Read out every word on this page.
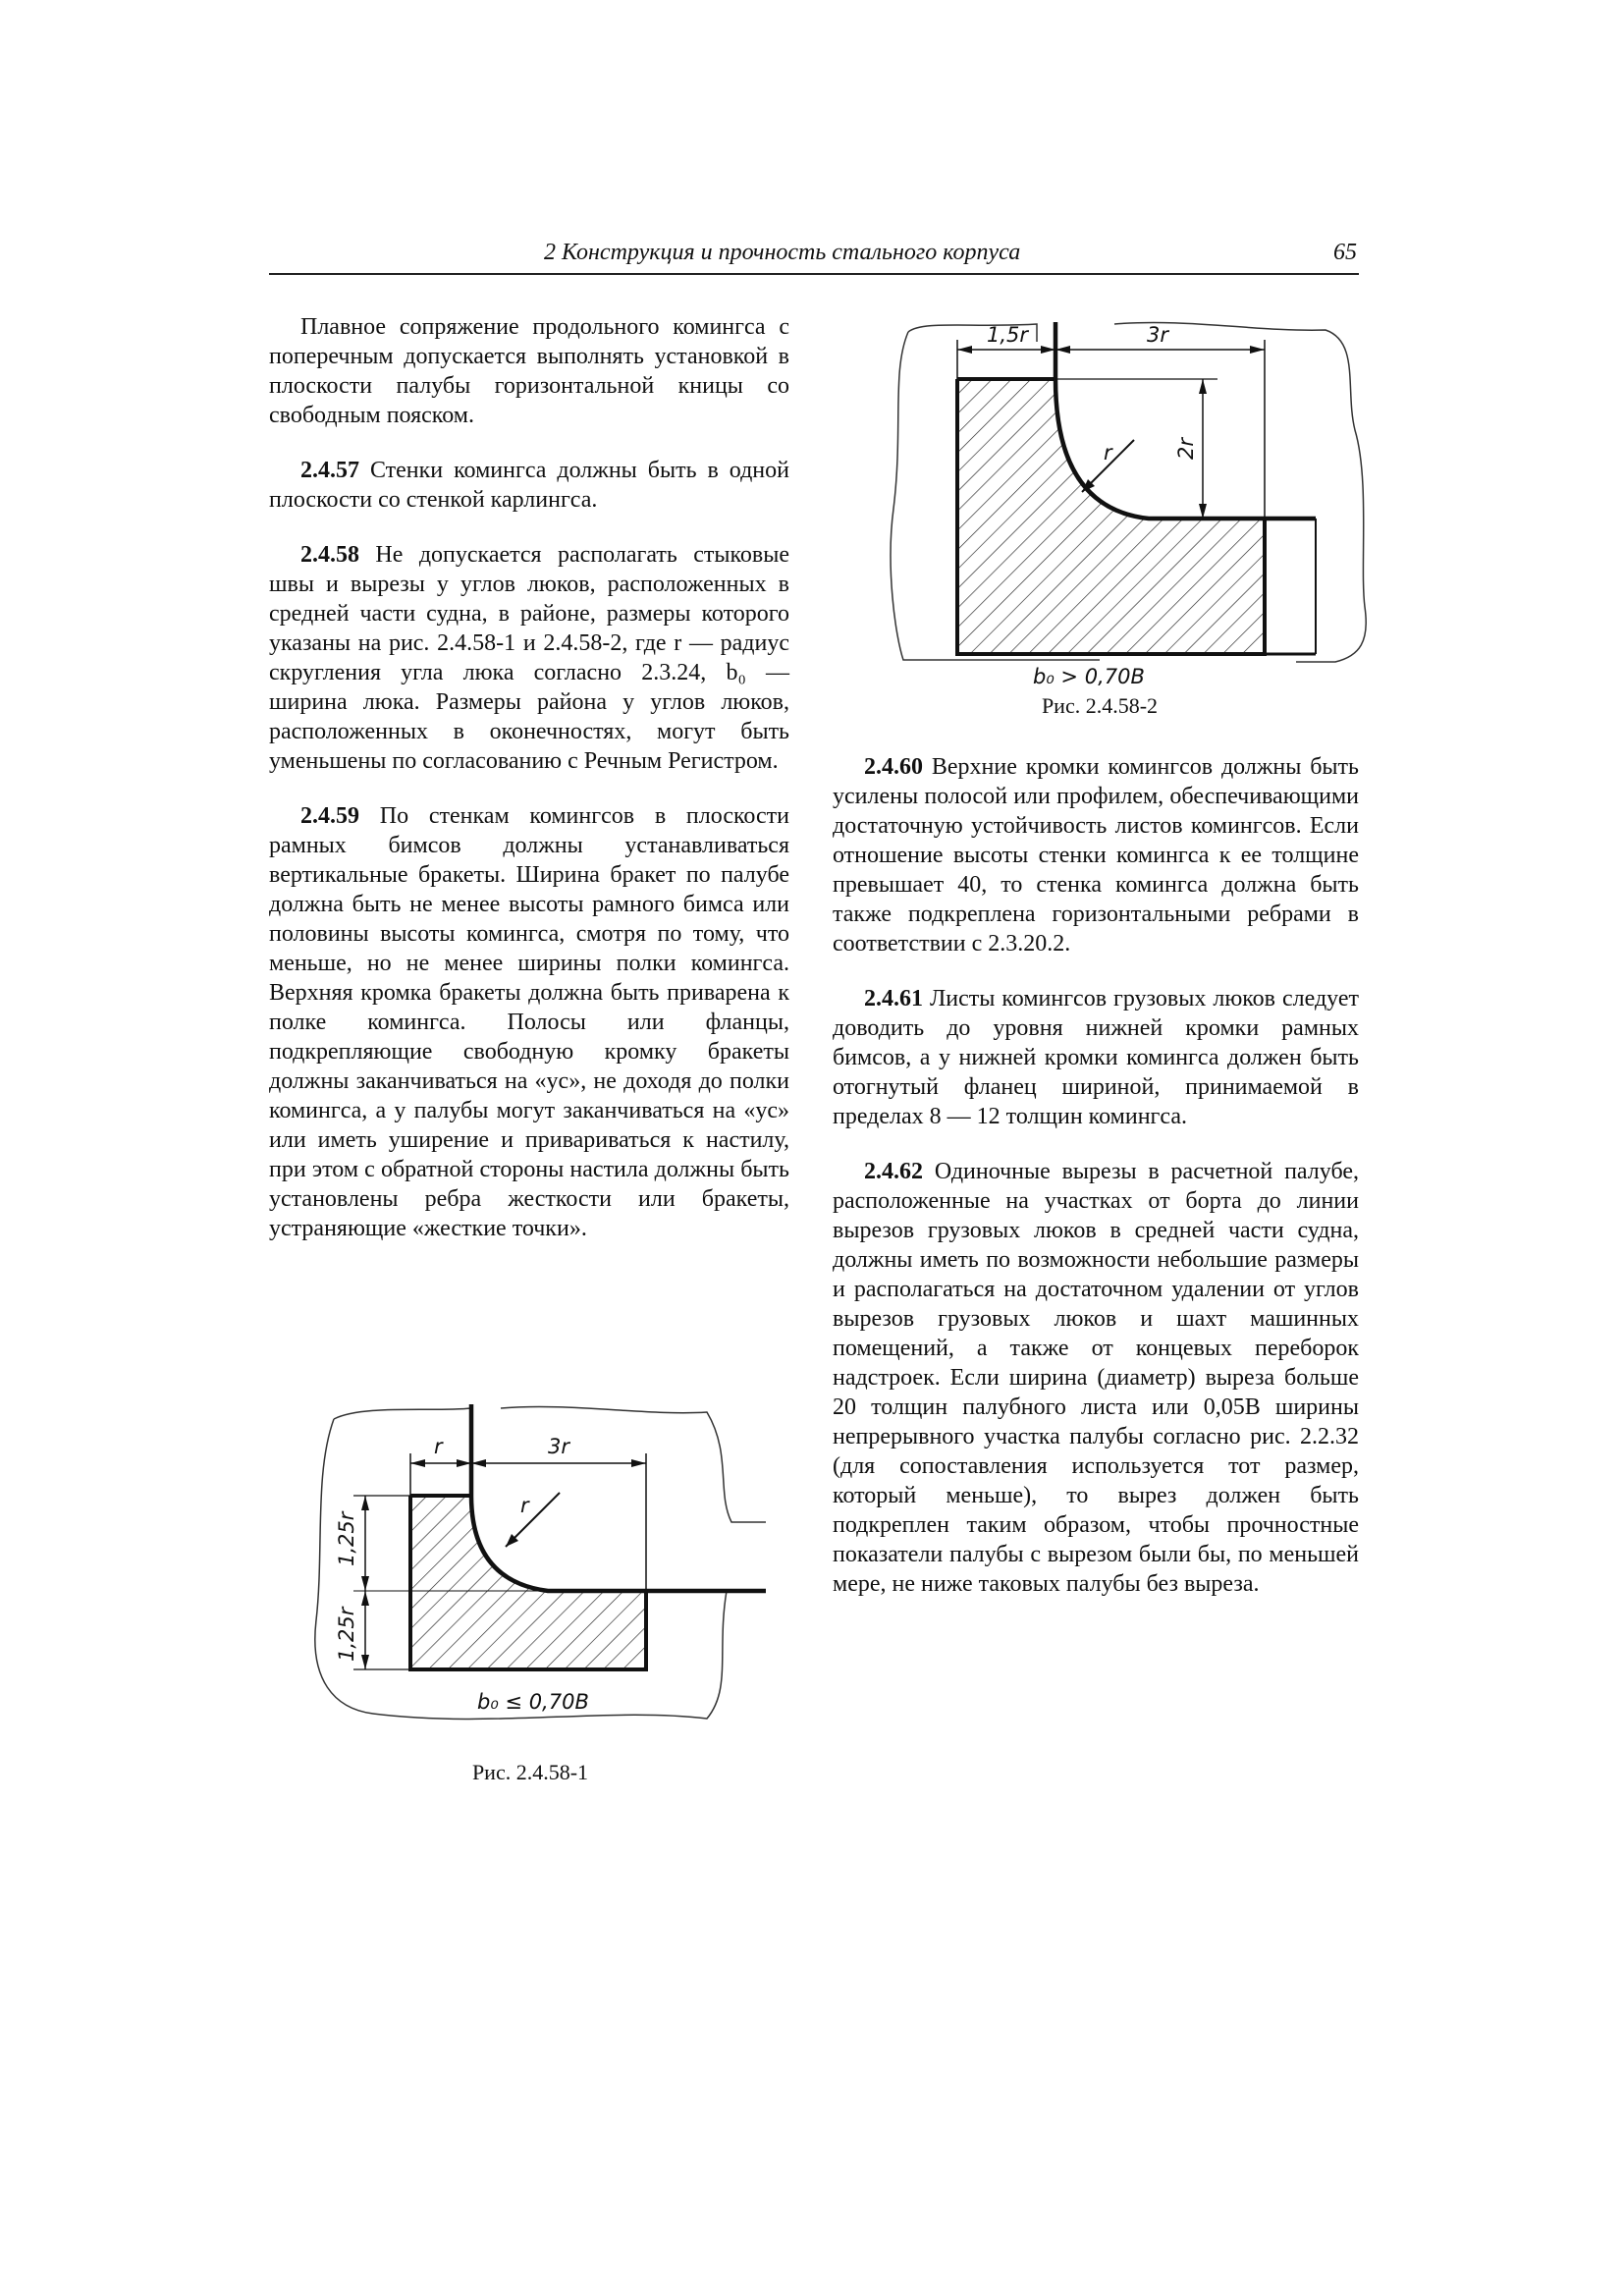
2 Конструкция и прочность стального корпуса	65

Плавное сопряжение продольного комингса с поперечным допускается выполнять установкой в плоскости палубы горизонтальной кницы со свободным пояском.

2.4.57 Стенки комингса должны быть в одной плоскости со стенкой карлингса.

2.4.58 Не допускается располагать стыковые швы и вырезы у углов люков, расположенных в средней части судна, в районе, размеры которого указаны на рис. 2.4.58-1 и 2.4.58-2, где r — радиус скругления угла люка согласно 2.3.24, b₀ — ширина люка. Размеры района у углов люков, расположенных в оконечностях, могут быть уменьшены по согласованию с Речным Регистром.

2.4.59 По стенкам комингсов в плоскости рамных бимсов должны устанавливаться вертикальные бракеты. Ширина бракет по палубе должна быть не менее высоты рамного бимса или половины высоты комингса, смотря по тому, что меньше, но не менее ширины полки комингса. Верхняя кромка бракеты должна быть приварена к полке комингса. Полосы или фланцы, подкрепляющие свободную кромку бракеты должны заканчиваться на «ус», не доходя до полки комингса, а у палубы могут заканчиваться на «ус» или иметь уширение и привариваться к настилу, при этом с обратной стороны настила должны быть установлены ребра жесткости или бракеты, устраняющие «жесткие точки».

2.4.60 Верхние кромки комингсов должны быть усилены полосой или профилем, обеспечивающими достаточную устойчивость листов комингсов. Если отношение высоты стенки комингса к ее толщине превышает 40, то стенка комингса должна быть также подкреплена горизонтальными ребрами в соответствии с 2.3.20.2.

2.4.61 Листы комингсов грузовых люков следует доводить до уровня нижней кромки рамных бимсов, а у нижней кромки комингса должен быть отогнутый фланец шириной, принимаемой в пределах 8 — 12 толщин комингса.

2.4.62 Одиночные вырезы в расчетной палубе, расположенные на участках от борта до линии вырезов грузовых люков в средней части судна, должны иметь по возможности небольшие размеры и располагаться на достаточном удалении от углов вырезов грузовых люков и шахт машинных помещений, а также от концевых переборок надстроек. Если ширина (диаметр) выреза больше 20 толщин палубного листа или 0,05B ширины непрерывного участка палубы согласно рис. 2.2.32 (для сопоставления используется тот размер, который меньше), то вырез должен быть подкреплен таким образом, чтобы прочностные показатели палубы с вырезом были бы, по меньшей мере, не ниже таковых палубы без выреза.

1,5r	3r
2r
r
b₀ > 0,70B
Рис. 2.4.58-2
r	3r
1,25r
1,25r
r
b₀ ≤ 0,70B
Рис. 2.4.58-1
